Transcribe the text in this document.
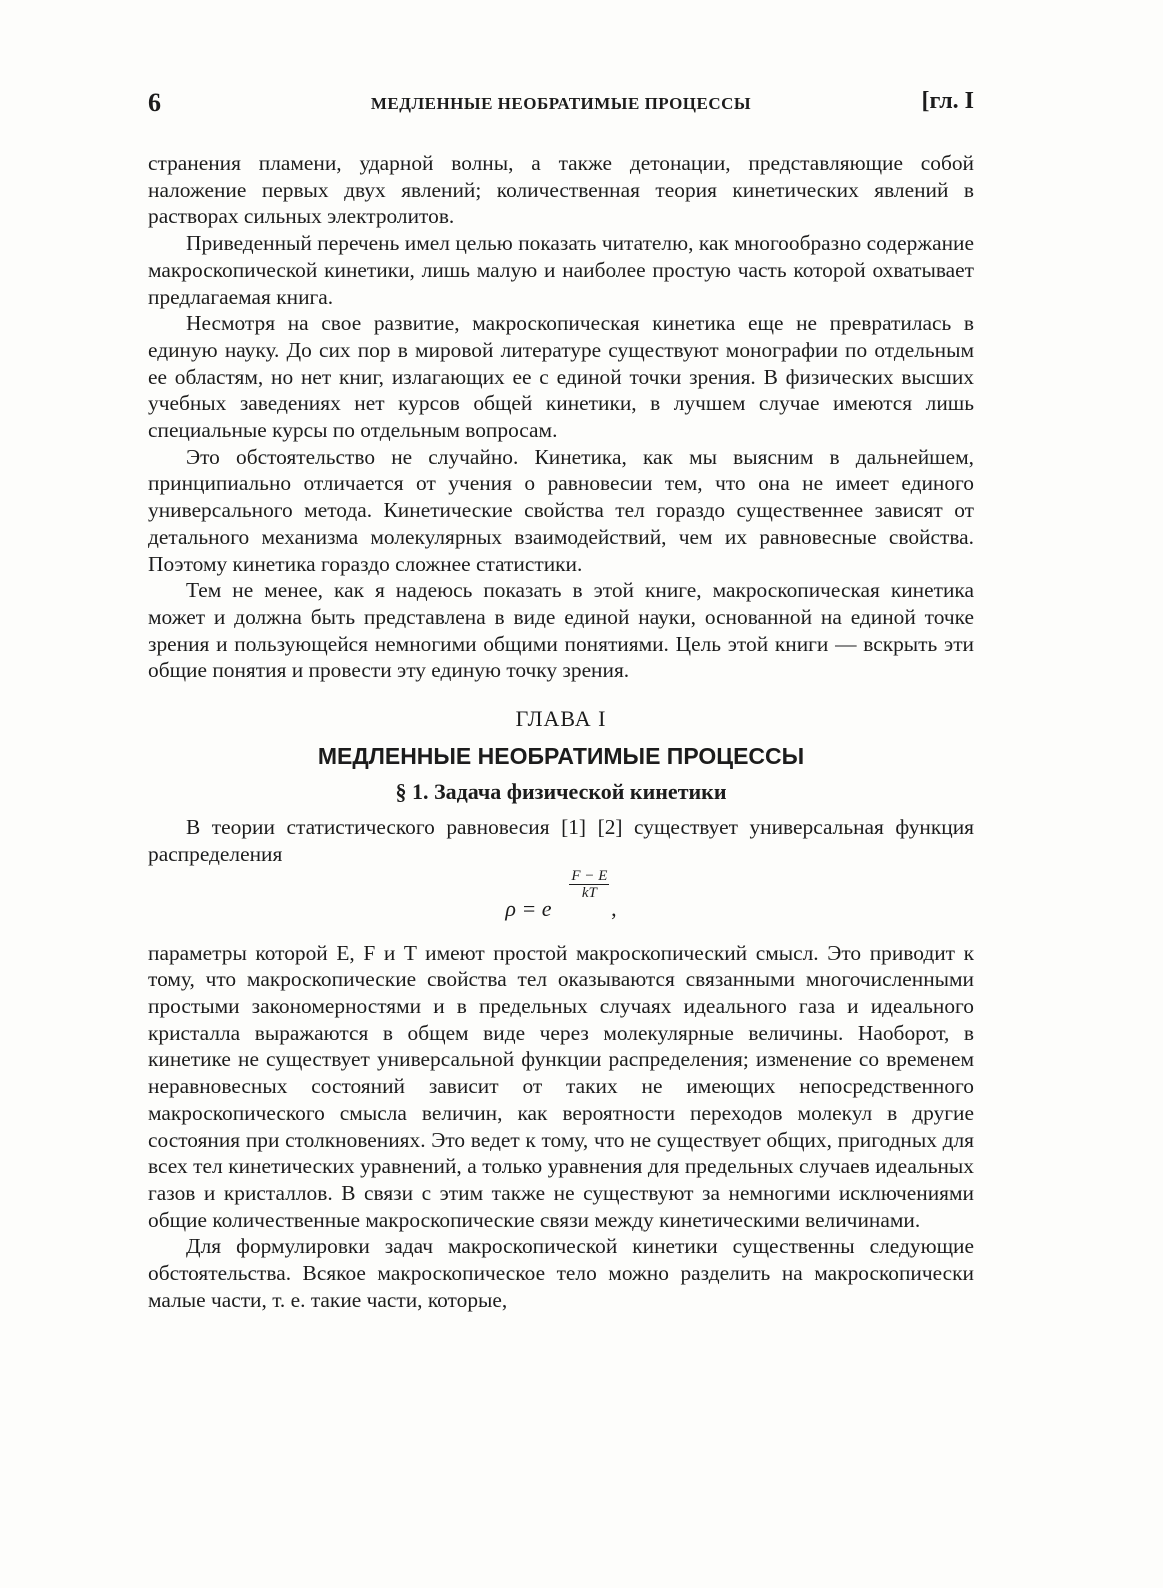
6	МЕДЛЕННЫЕ НЕОБРАТИМЫЕ ПРОЦЕССЫ	[гл. I

странения пламени, ударной волны, а также детонации, представляющие собой наложение первых двух явлений; количественная теория кинетических явлений в растворах сильных электролитов.

Приведенный перечень имел целью показать читателю, как многообразно содержание макроскопической кинетики, лишь малую и наиболее простую часть которой охватывает предлагаемая книга.

Несмотря на свое развитие, макроскопическая кинетика еще не превратилась в единую науку. До сих пор в мировой литературе существуют монографии по отдельным ее областям, но нет книг, излагающих ее с единой точки зрения. В физических высших учебных заведениях нет курсов общей кинетики, в лучшем случае имеются лишь специальные курсы по отдельным вопросам.

Это обстоятельство не случайно. Кинетика, как мы выясним в дальнейшем, принципиально отличается от учения о равновесии тем, что она не имеет единого универсального метода. Кинетические свойства тел гораздо существеннее зависят от детального механизма молекулярных взаимодействий, чем их равновесные свойства. Поэтому кинетика гораздо сложнее статистики.

Тем не менее, как я надеюсь показать в этой книге, макроскопическая кинетика может и должна быть представлена в виде единой науки, основанной на единой точке зрения и пользующейся немногими общими понятиями. Цель этой книги — вскрыть эти общие понятия и провести эту единую точку зрения.

ГЛАВА I
МЕДЛЕННЫЕ НЕОБРАТИМЫЕ ПРОЦЕССЫ
§ 1. Задача физической кинетики

В теории статистического равновесия [1] [2] существует универсальная функция распределения

ρ = e
$\frac{F - E}{kT}$
,

параметры которой E, F и T имеют простой макроскопический смысл. Это приводит к тому, что макроскопические свойства тел оказываются связанными многочисленными простыми закономерностями и в предельных случаях идеального газа и идеального кристалла выражаются в общем виде через молекулярные величины. Наоборот, в кинетике не существует универсальной функции распределения; изменение со временем неравновесных состояний зависит от таких не имеющих непосредственного макроскопического смысла величин, как вероятности переходов молекул в другие состояния при столкновениях. Это ведет к тому, что не существует общих, пригодных для всех тел кинетических уравнений, а только уравнения для предельных случаев идеальных газов и кристаллов. В связи с этим также не существуют за немногими исключениями общие количественные макроскопические связи между кинетическими величинами.

Для формулировки задач макроскопической кинетики существенны следующие обстоятельства. Всякое макроскопическое тело можно разделить на макроскопически малые части, т. е. такие части, которые,
